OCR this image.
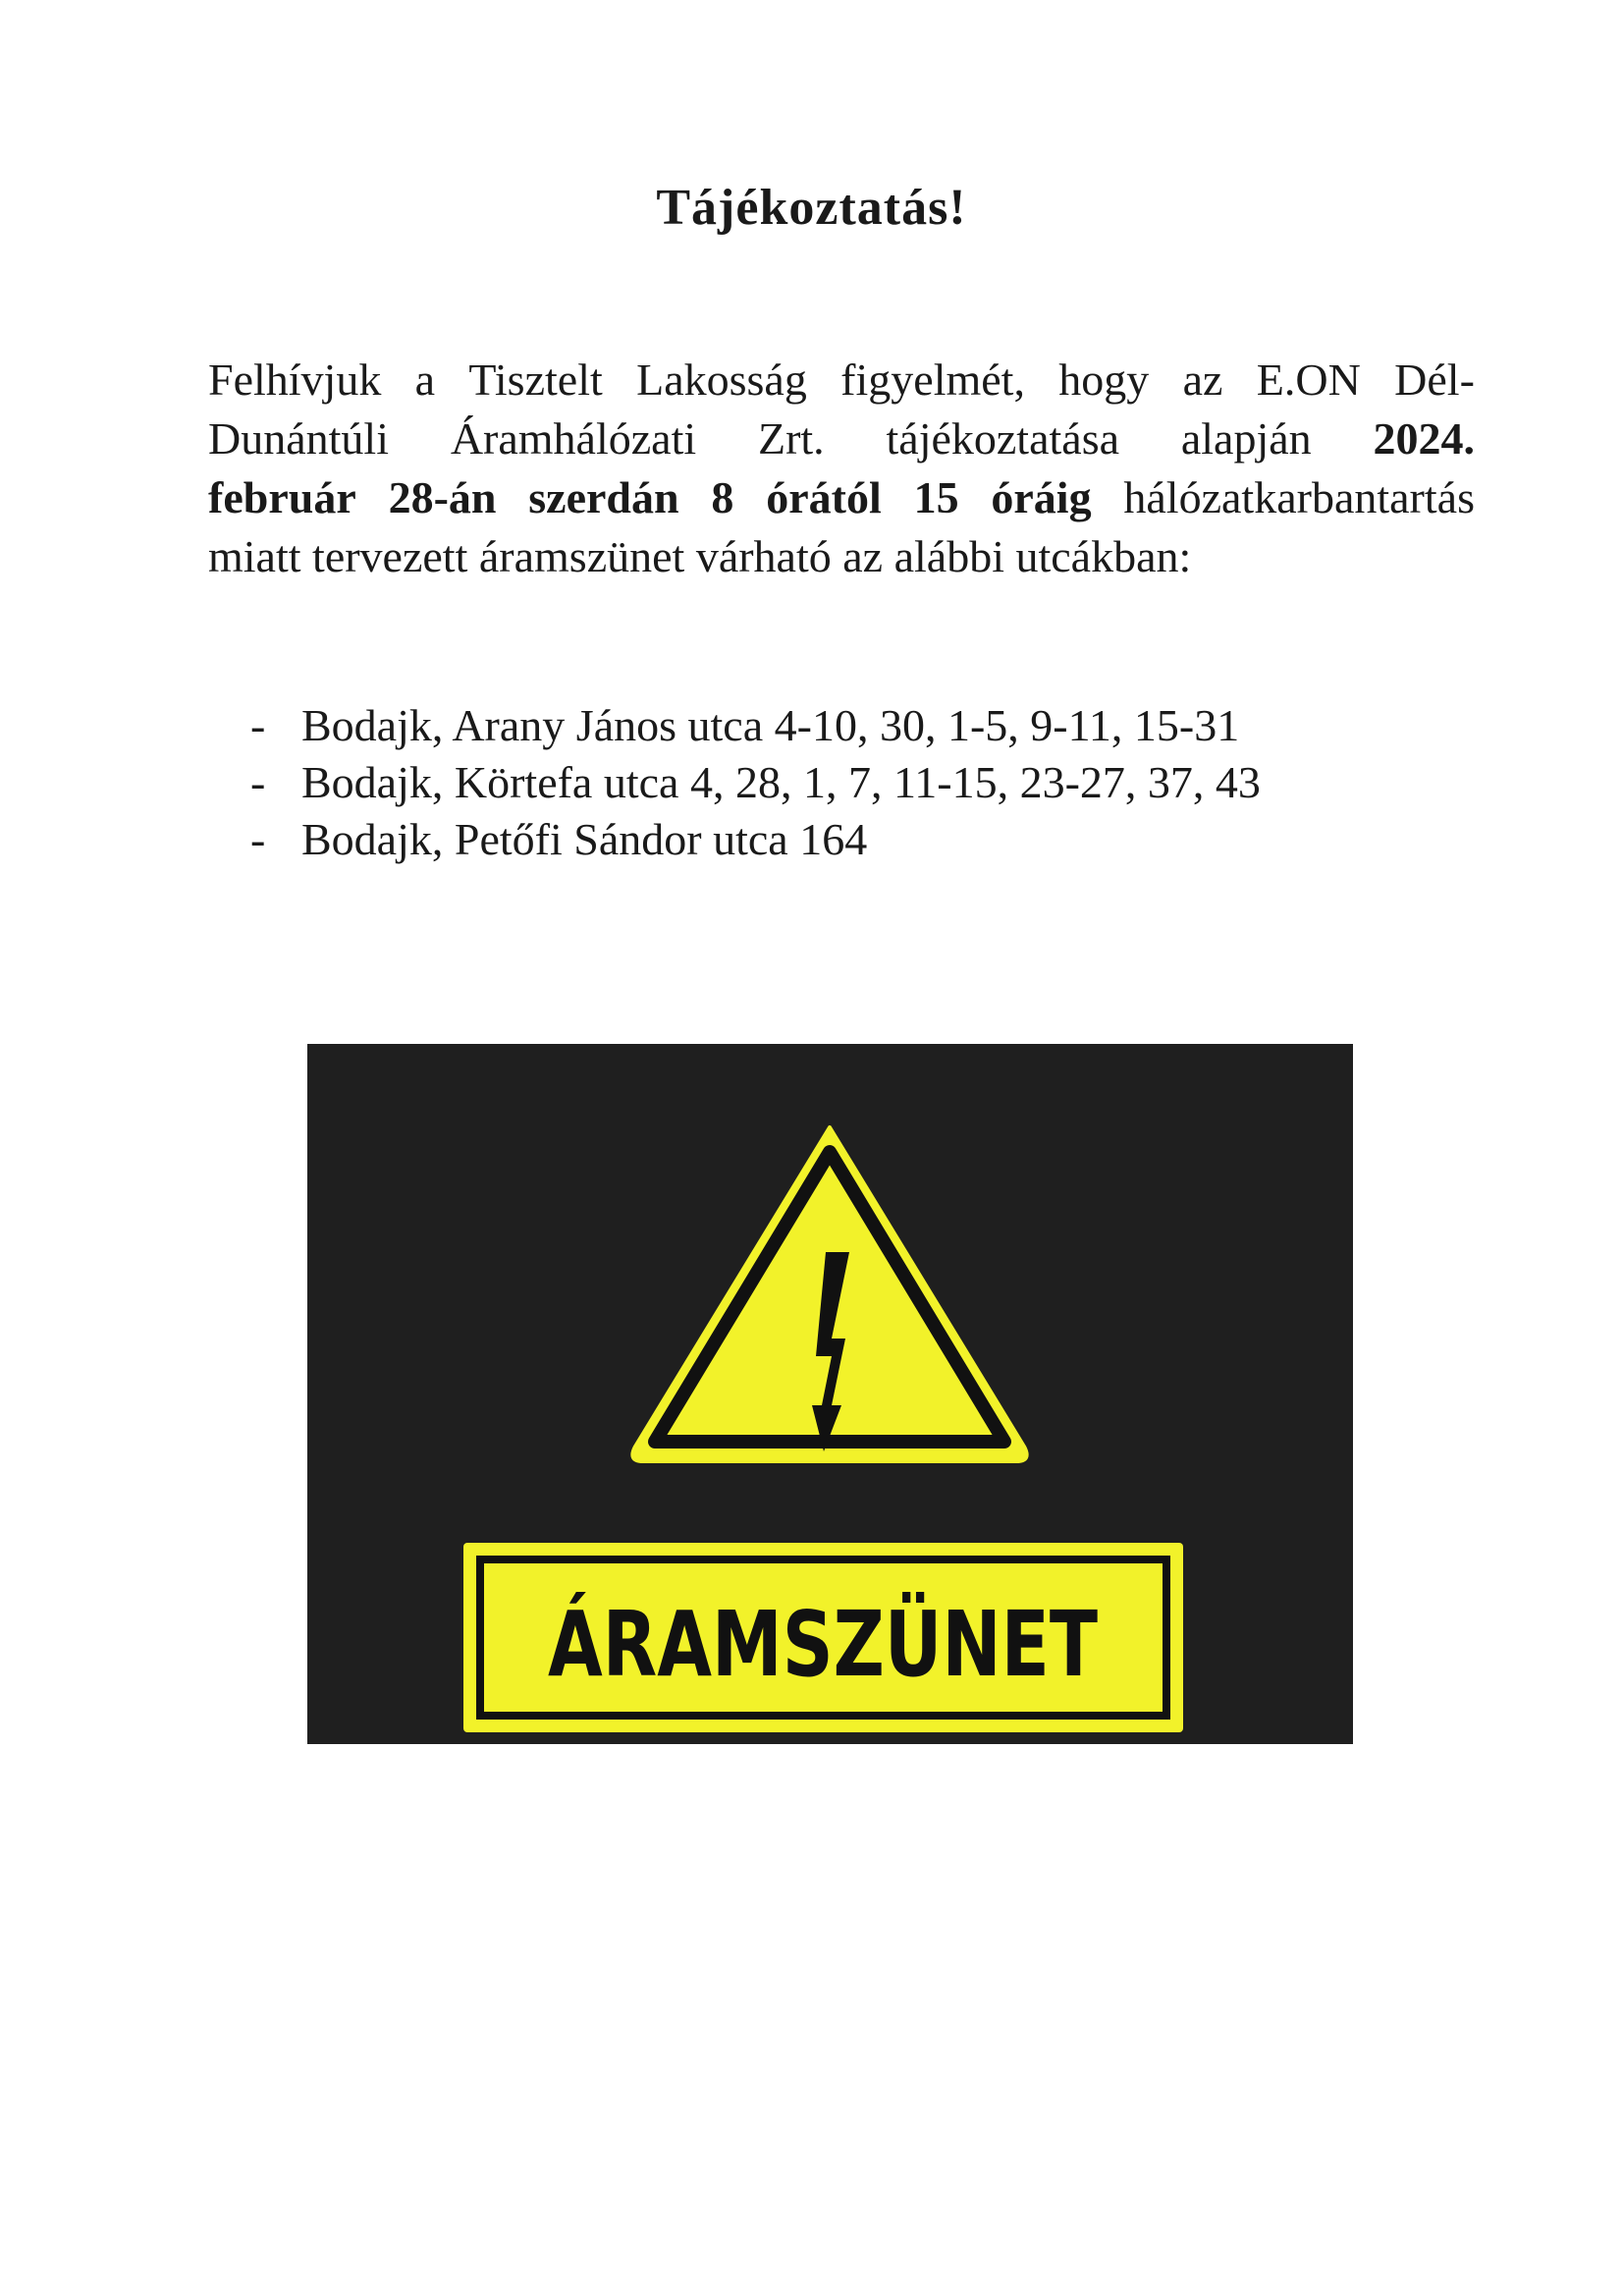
Tájékoztatás!
Felhívjuk a Tisztelt Lakosság figyelmét, hogy az E.ON Dél-
Dunántúli Áramhálózati Zrt. tájékoztatása alapján 2024.
február 28-án szerdán 8 órától 15 óráig hálózatkarbantartás
miatt tervezett áramszünet várható az alábbi utcákban:
- Bodajk, Arany János utca 4-10, 30, 1-5, 9-11, 15-31
- Bodajk, Körtefa utca 4, 28, 1, 7, 11-15, 23-27, 37, 43
- Bodajk, Petőfi Sándor utca 164
ÁRAMSZÜNET
